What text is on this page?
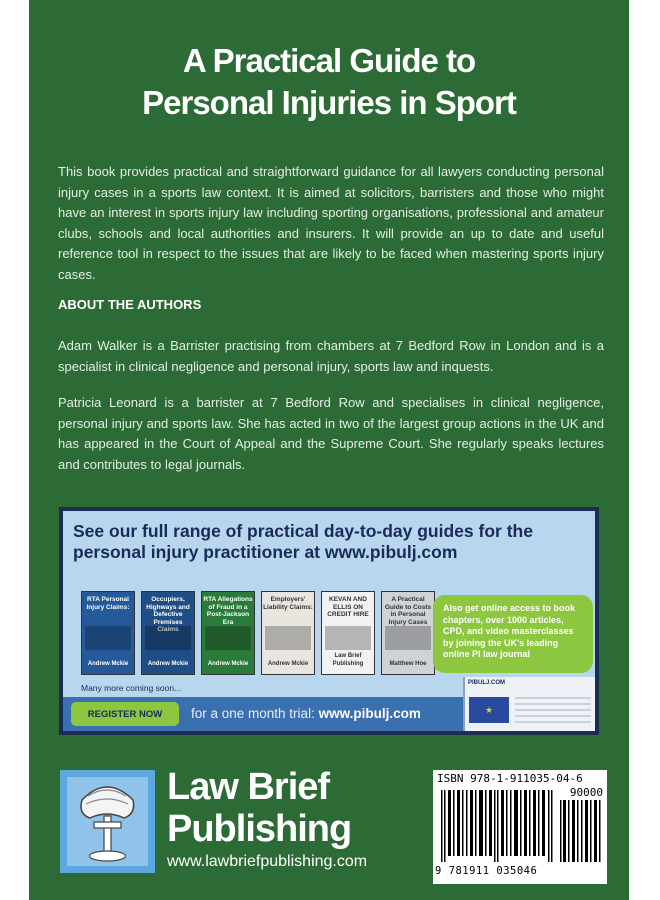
A Practical Guide to
Personal Injuries in Sport

This book provides practical and straightforward guidance for all lawyers conducting personal injury cases in a sports law context. It is aimed at solicitors, barristers and those who might have an interest in sports injury law including sporting organisations, professional and amateur clubs, schools and local authorities and insurers. It will provide an up to date and useful reference tool in respect to the issues that are likely to be faced when mastering sports injury cases.

ABOUT THE AUTHORS

Adam Walker is a Barrister practising from chambers at 7 Bedford Row in London and is a specialist in clinical negligence and personal injury, sports law and inquests.

Patricia Leonard is a barrister at 7 Bedford Row and specialises in clinical negligence, personal injury and sports law. She has acted in two of the largest group actions in the UK and has appeared in the Court of Appeal and the Supreme Court. She regularly speaks lectures and contributes to legal journals.

See our full range of practical day-to-day guides for the personal injury practitioner at www.pibulj.com
RTA Personal Injury Claims:
Andrew Mckie
Occupiers, Highways and Defective Premises Claims
Andrew Mckie
RTA Allegations of Fraud in a Post-Jackson Era
Andrew Mckie
Employers' Liability Claims:
Andrew Mckie
KEVAN AND ELLIS ON CREDIT HIRE
Law Brief Publishing
A Practical Guide to Costs in Personal Injury Cases
Matthew Hoe
Many more coming soon...
Also get online access to book chapters, over 1000 articles, CPD, and video masterclasses by joining the UK's leading online PI law journal
PIBULJ.COM
★
REGISTER NOW	for a one month trial: www.pibulj.com
Law Brief
Publishing
www.lawbriefpublishing.com
ISBN 978-1-911035-04-6
90000
9 781911 035046
